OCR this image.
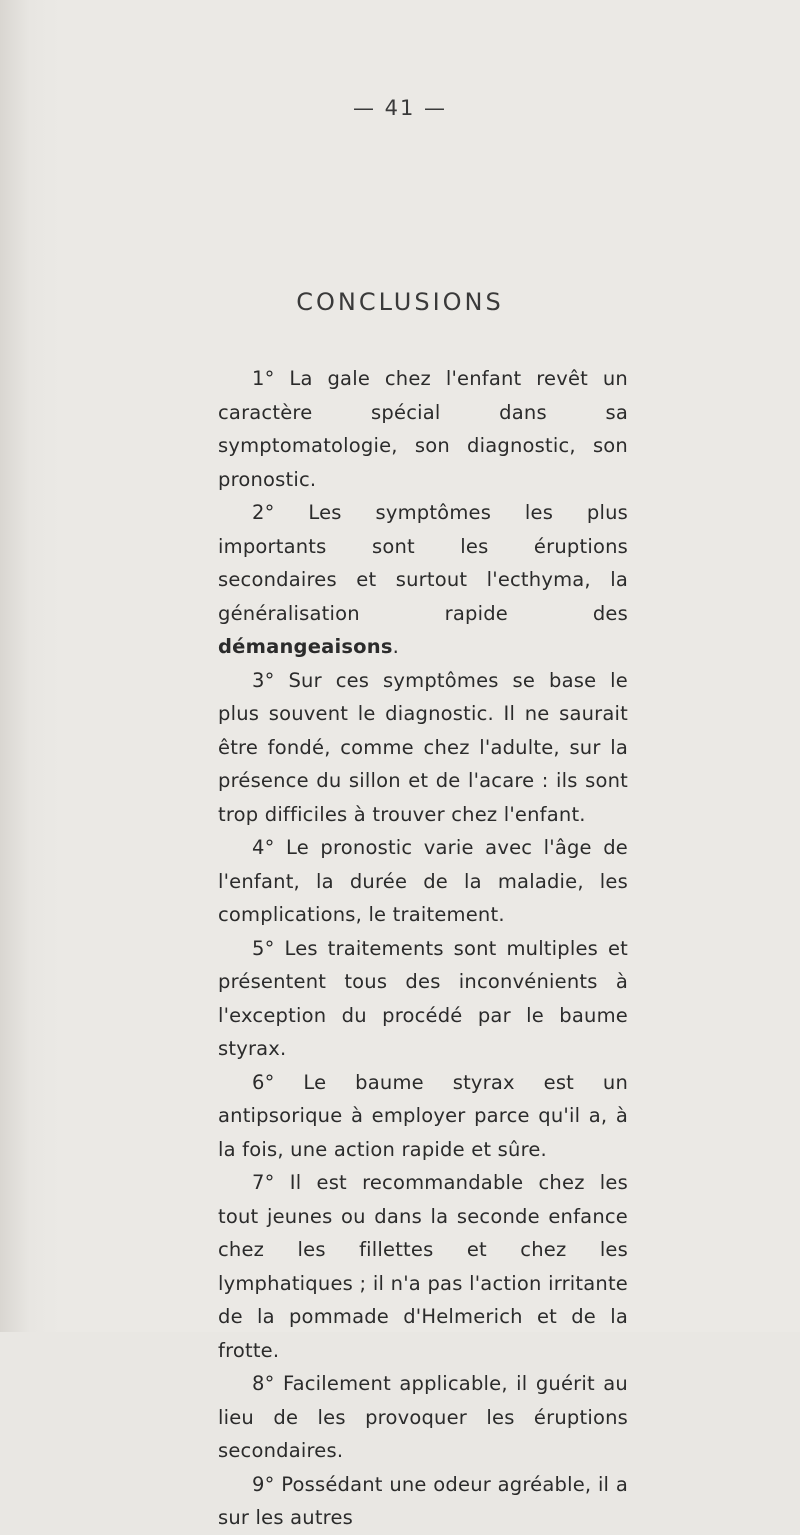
— 41 —
CONCLUSIONS

1° La gale chez l'enfant revêt un caractère spécial dans sa symptomatologie, son diagnostic, son pronostic.

2° Les symptômes les plus importants sont les éruptions secondaires et surtout l'ecthyma, la généralisation rapide des démangeaisons.

3° Sur ces symptômes se base le plus souvent le diagnostic. Il ne saurait être fondé, comme chez l'adulte, sur la présence du sillon et de l'acare : ils sont trop difficiles à trouver chez l'enfant.

4° Le pronostic varie avec l'âge de l'enfant, la durée de la maladie, les complications, le traitement.

5° Les traitements sont multiples et présentent tous des inconvénients à l'exception du procédé par le baume styrax.

6° Le baume styrax est un antipsorique à employer parce qu'il a, à la fois, une action rapide et sûre.

7° Il est recommandable chez les tout jeunes ou dans la seconde enfance chez les fillettes et chez les lymphatiques ; il n'a pas l'action irritante de la pommade d'Helmerich et de la frotte.

8° Facilement applicable, il guérit au lieu de les provoquer les éruptions secondaires.

9° Possédant une odeur agréable, il a sur les autres
